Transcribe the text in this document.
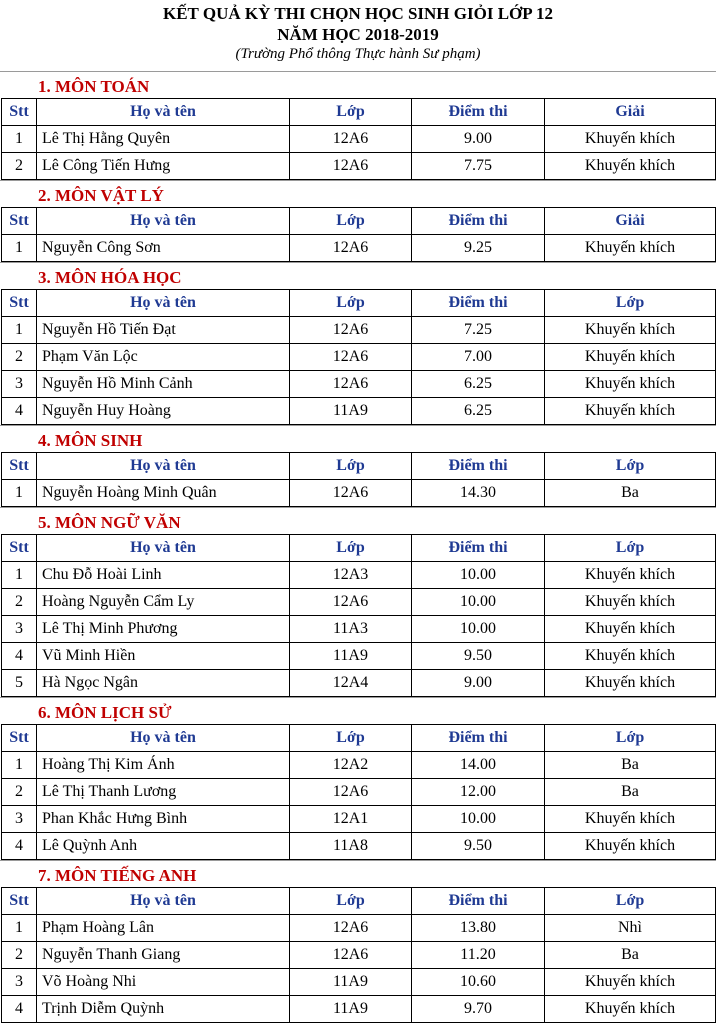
KẾT QUẢ KỲ THI CHỌN HỌC SINH GIỎI LỚP 12
NĂM HỌC 2018-2019
(Trường Phổ thông Thực hành Sư phạm)
1. MÔN TOÁN
Stt	Họ và tên	Lớp	Điểm thi	Giải
1	Lê Thị Hằng Quyên	12A6	9.00	Khuyến khích
2	Lê Công Tiến Hưng	12A6	7.75	Khuyến khích
2. MÔN VẬT LÝ
Stt	Họ và tên	Lớp	Điểm thi	Giải
1	Nguyễn Công Sơn	12A6	9.25	Khuyến khích
3. MÔN HÓA HỌC
Stt	Họ và tên	Lớp	Điểm thi	Lớp
1	Nguyễn Hồ Tiến Đạt	12A6	7.25	Khuyến khích
2	Phạm Văn Lộc	12A6	7.00	Khuyến khích
3	Nguyễn Hồ Minh Cảnh	12A6	6.25	Khuyến khích
4	Nguyễn Huy Hoàng	11A9	6.25	Khuyến khích
4. MÔN SINH
Stt	Họ và tên	Lớp	Điểm thi	Lớp
1	Nguyễn Hoàng Minh Quân	12A6	14.30	Ba
5. MÔN NGỮ VĂN
Stt	Họ và tên	Lớp	Điểm thi	Lớp
1	Chu Đỗ Hoài Linh	12A3	10.00	Khuyến khích
2	Hoàng Nguyễn Cẩm Ly	12A6	10.00	Khuyến khích
3	Lê Thị Minh Phương	11A3	10.00	Khuyến khích
4	Vũ Minh Hiền	11A9	9.50	Khuyến khích
5	Hà Ngọc Ngân	12A4	9.00	Khuyến khích
6. MÔN LỊCH SỬ
Stt	Họ và tên	Lớp	Điểm thi	Lớp
1	Hoàng Thị Kim Ánh	12A2	14.00	Ba
2	Lê Thị Thanh Lương	12A6	12.00	Ba
3	Phan Khắc Hưng Bình	12A1	10.00	Khuyến khích
4	Lê Quỳnh Anh	11A8	9.50	Khuyến khích
7. MÔN TIẾNG ANH
Stt	Họ và tên	Lớp	Điểm thi	Lớp
1	Phạm Hoàng Lân	12A6	13.80	Nhì
2	Nguyễn Thanh Giang	12A6	11.20	Ba
3	Võ Hoàng Nhi	11A9	10.60	Khuyến khích
4	Trịnh Diễm Quỳnh	11A9	9.70	Khuyến khích
